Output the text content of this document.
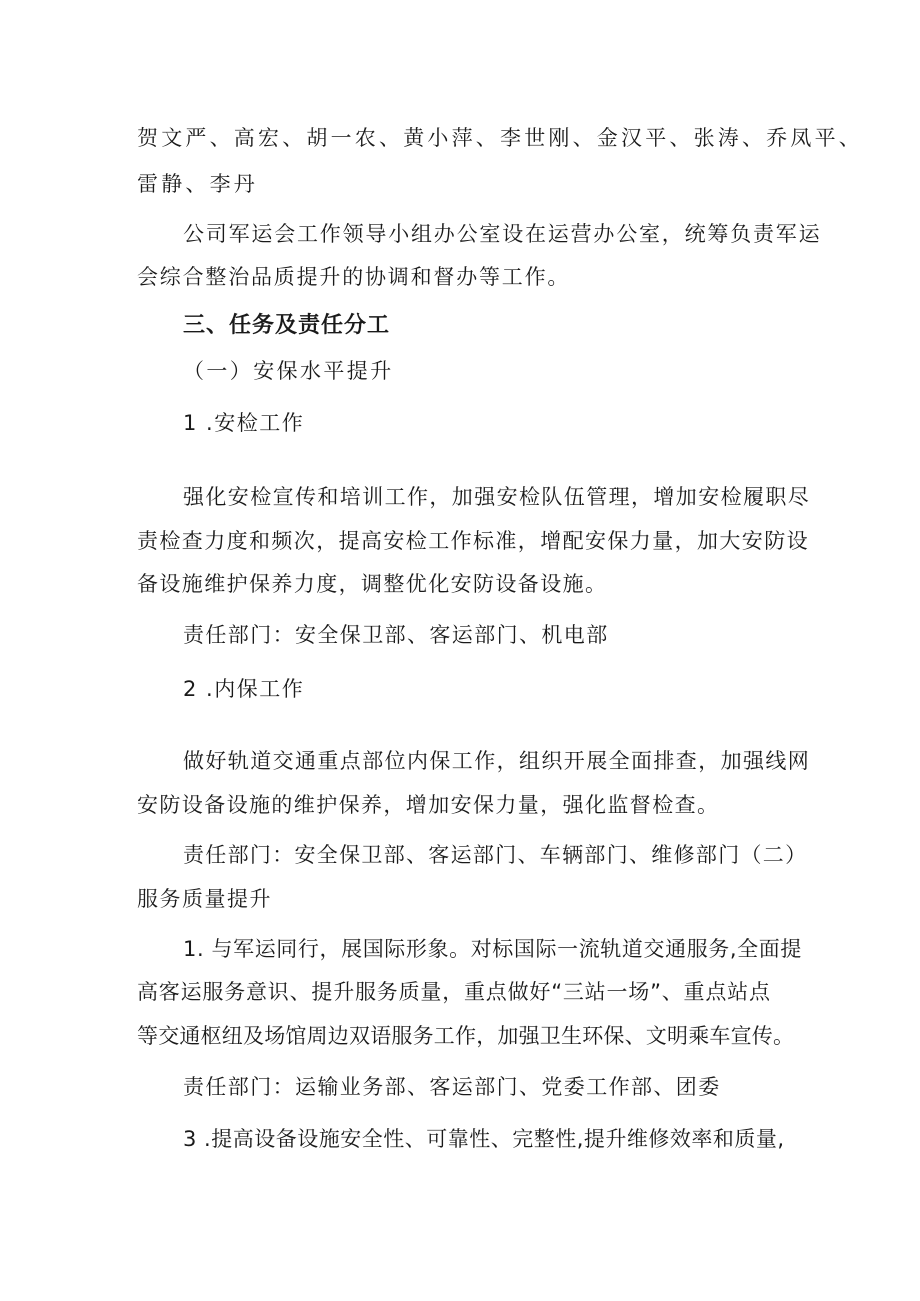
贺文严、高宏、胡一农、黄小萍、李世刚、金汉平、张涛、乔凤平、
雷静、李丹
公司军运会工作领导小组办公室设在运营办公室，统筹负责军运
会综合整治品质提升的协调和督办等工作。
三、任务及责任分工
（一）安保水平提升
1 .安检工作
强化安检宣传和培训工作，加强安检队伍管理，增加安检履职尽
责检查力度和频次，提高安检工作标准，增配安保力量，加大安防设
备设施维护保养力度，调整优化安防设备设施。
责任部门：安全保卫部、客运部门、机电部
2 .内保工作
做好轨道交通重点部位内保工作，组织开展全面排查，加强线网
安防设备设施的维护保养，增加安保力量，强化监督检查。
责任部门：安全保卫部、客运部门、车辆部门、维修部门（二）
服务质量提升
1. 与军运同行，展国际形象。对标国际一流轨道交通服务,全面提
高客运服务意识、提升服务质量，重点做好“三站一场”、重点站点
等交通枢纽及场馆周边双语服务工作，加强卫生环保、文明乘车宣传。
责任部门：运输业务部、客运部门、党委工作部、团委
3 .提高设备设施安全性、可靠性、完整性,提升维修效率和质量,
